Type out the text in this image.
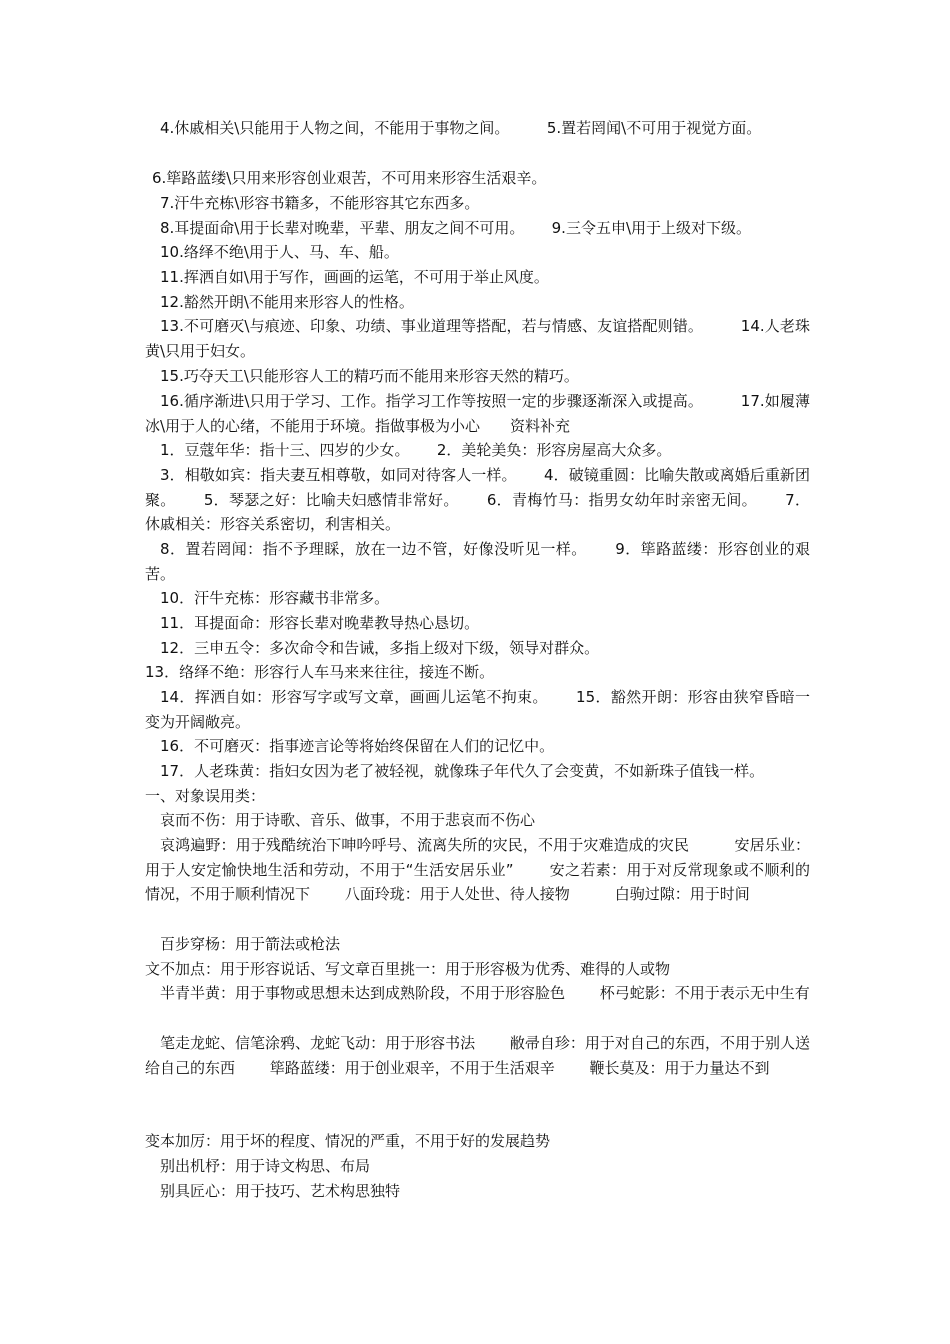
4.休戚相关\只能用于人物之间，不能用于事物之间。　　　5.置若罔闻\不可用于视觉方面。

6.筚路蓝缕\只用来形容创业艰苦，不可用来形容生活艰辛。

7.汗牛充栋\形容书籍多，不能形容其它东西多。

8.耳提面命\用于长辈对晚辈，平辈、朋友之间不可用。　　 9.三令五申\用于上级对下级。

10.络绎不绝\用于人、马、车、船。

11.挥洒自如\用于写作，画画的运笔，不可用于举止风度。

12.豁然开朗\不能用来形容人的性格。

13.不可磨灭\与痕迹、印象、功绩、事业道理等搭配，若与情感、友谊搭配则错。　　　14.人老珠黄\只用于妇女。

15.巧夺天工\只能形容人工的精巧而不能用来形容天然的精巧。

16.循序渐进\只用于学习、工作。指学习工作等按照一定的步骤逐渐深入或提高。　　　17.如履薄冰\用于人的心绪，不能用于环境。指做事极为小心　　资料补充

1．豆蔻年华：指十三、四岁的少女。　　 2．美轮美奂：形容房屋高大众多。

3．相敬如宾：指夫妻互相尊敬，如同对待客人一样。　　 4．破镜重圆：比喻失散或离婚后重新团聚。　　 5．琴瑟之好：比喻夫妇感情非常好。　　 6．青梅竹马：指男女幼年时亲密无间。　　 7．休戚相关：形容关系密切，利害相关。

8．置若罔闻：指不予理睬，放在一边不管，好像没听见一样。　　 9．筚路蓝缕：形容创业的艰苦。

10．汗牛充栋：形容藏书非常多。

11．耳提面命：形容长辈对晚辈教导热心恳切。

12．三申五令：多次命令和告诫，多指上级对下级，领导对群众。

13．络绎不绝：形容行人车马来来往往，接连不断。

14．挥洒自如：形容写字或写文章，画画儿运笔不拘束。　　 15．豁然开朗：形容由狭窄昏暗一变为开阔敞亮。

16．不可磨灭：指事迹言论等将始终保留在人们的记忆中。

17．人老珠黄：指妇女因为老了被轻视，就像珠子年代久了会变黄，不如新珠子值钱一样。

一、对象误用类：

哀而不伤：用于诗歌、音乐、做事，不用于悲哀而不伤心

哀鸿遍野：用于残酷统治下呻吟呼号、流离失所的灾民，不用于灾难造成的灾民　　　安居乐业：用于人安定愉快地生活和劳动，不用于“生活安居乐业”　　 安之若素：用于对反常现象或不顺利的情况，不用于顺利情况下　　 八面玲珑：用于人处世、待人接物　　　白驹过隙：用于时间

百步穿杨：用于箭法或枪法

文不加点：用于形容说话、写文章百里挑一：用于形容极为优秀、难得的人或物

半青半黄：用于事物或思想未达到成熟阶段，不用于形容脸色　　 杯弓蛇影：不用于表示无中生有

笔走龙蛇、信笔涂鸦、龙蛇飞动：用于形容书法　　 敝帚自珍：用于对自己的东西，不用于别人送给自己的东西　　 筚路蓝缕：用于创业艰辛，不用于生活艰辛　　 鞭长莫及：用于力量达不到

变本加厉：用于坏的程度、情况的严重，不用于好的发展趋势

别出机杼：用于诗文构思、布局

别具匠心：用于技巧、艺术构思独特
